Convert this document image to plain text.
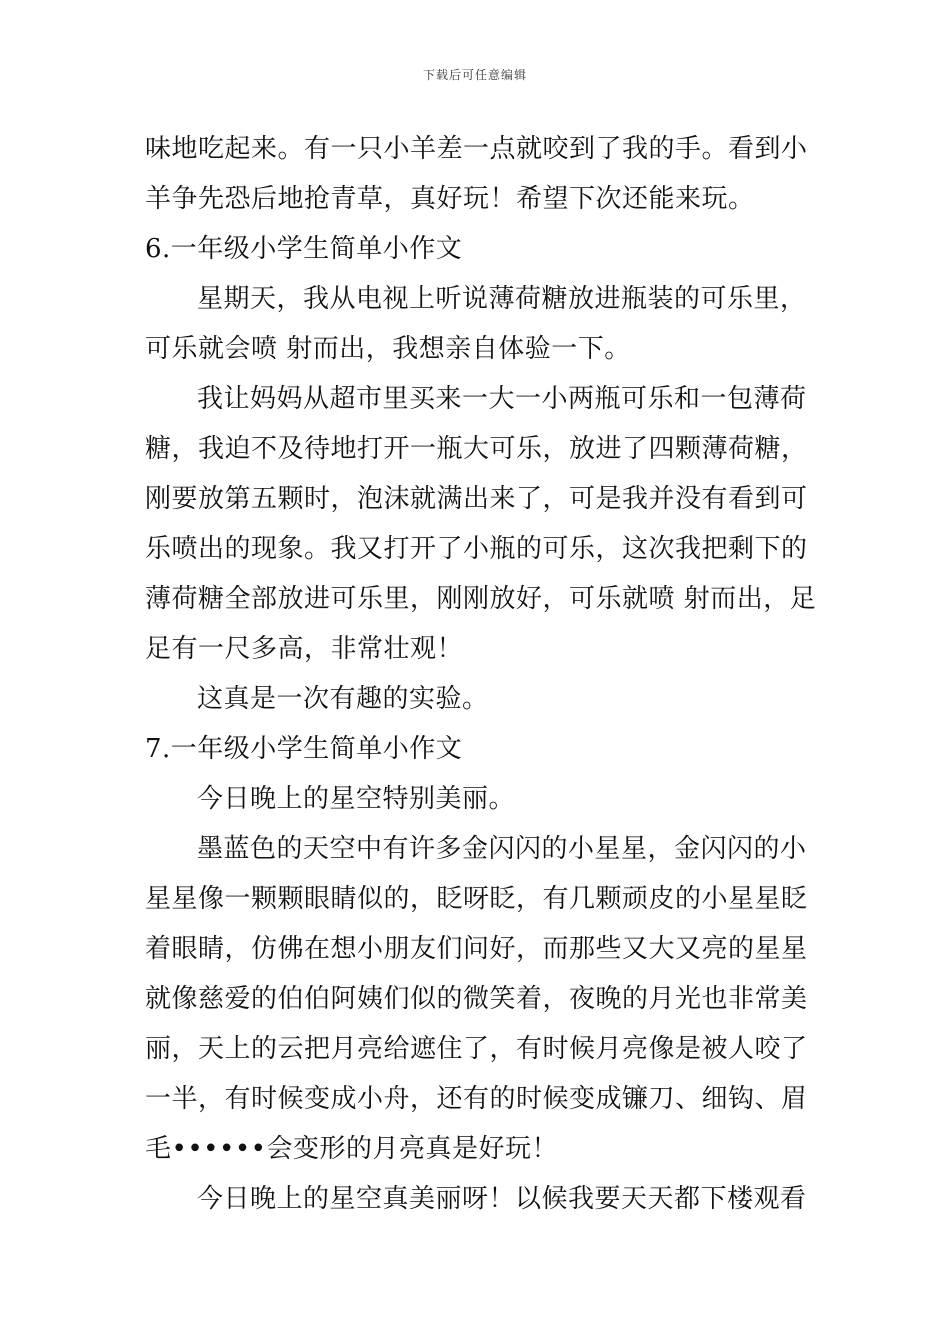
下载后可任意编辑
味地吃起来。有一只小羊差一点就咬到了我的手。看到小
羊争先恐后地抢青草，真好玩！希望下次还能来玩。
6.一年级小学生简单小作文
星期天，我从电视上听说薄荷糖放进瓶装的可乐里，
可乐就会喷 射而出，我想亲自体验一下。
我让妈妈从超市里买来一大一小两瓶可乐和一包薄荷
糖，我迫不及待地打开一瓶大可乐，放进了四颗薄荷糖，
刚要放第五颗时，泡沫就满出来了，可是我并没有看到可
乐喷出的现象。我又打开了小瓶的可乐，这次我把剩下的
薄荷糖全部放进可乐里，刚刚放好，可乐就喷 射而出，足
足有一尺多高，非常壮观！
这真是一次有趣的实验。
7.一年级小学生简单小作文
今日晚上的星空特别美丽。
墨蓝色的天空中有许多金闪闪的小星星，金闪闪的小
星星像一颗颗眼睛似的，眨呀眨，有几颗顽皮的小星星眨
着眼睛，仿佛在想小朋友们问好，而那些又大又亮的星星
就像慈爱的伯伯阿姨们似的微笑着，夜晚的月光也非常美
丽，天上的云把月亮给遮住了，有时候月亮像是被人咬了
一半，有时候变成小舟，还有的时候变成镰刀、细钩、眉
毛••••••会变形的月亮真是好玩！
今日晚上的星空真美丽呀！以候我要天天都下楼观看
